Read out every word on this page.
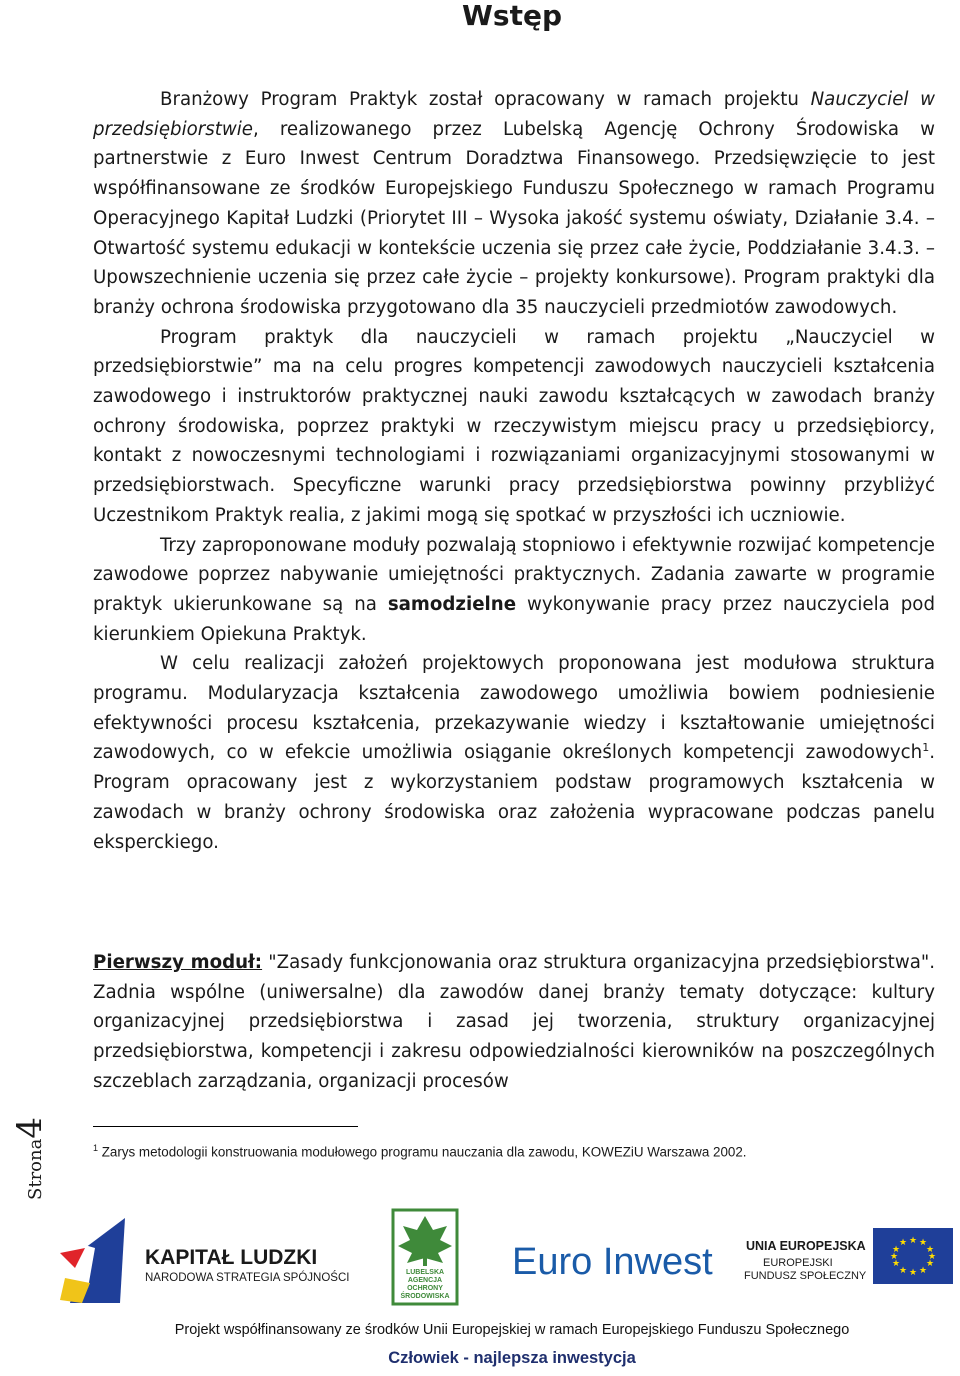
Wstęp

Branżowy Program Praktyk został opracowany w ramach projektu Nauczyciel w przedsiębiorstwie, realizowanego przez Lubelską Agencję Ochrony Środowiska w partnerstwie z Euro Inwest Centrum Doradztwa Finansowego. Przedsięwzięcie to jest współfinansowane ze środków Europejskiego Funduszu Społecznego w ramach Programu Operacyjnego Kapitał Ludzki (Priorytet III – Wysoka jakość systemu oświaty, Działanie 3.4. – Otwartość systemu edukacji w kontekście uczenia się przez całe życie, Poddziałanie 3.4.3. – Upowszechnienie uczenia się przez całe życie – projekty konkursowe). Program praktyki dla branży ochrona środowiska przygotowano dla 35 nauczycieli przedmiotów zawodowych.

Program praktyk dla nauczycieli w ramach projektu „Nauczyciel w przedsiębiorstwie” ma na celu progres kompetencji zawodowych nauczycieli kształcenia zawodowego i instruktorów praktycznej nauki zawodu kształcących w zawodach branży ochrony środowiska, poprzez praktyki w rzeczywistym miejscu pracy u przedsiębiorcy, kontakt z nowoczesnymi technologiami i rozwiązaniami organizacyjnymi stosowanymi w przedsiębiorstwach. Specyficzne warunki pracy przedsiębiorstwa powinny przybliżyć Uczestnikom Praktyk realia, z jakimi mogą się spotkać w przyszłości ich uczniowie.

Trzy zaproponowane moduły pozwalają stopniowo i efektywnie rozwijać kompetencje zawodowe poprzez nabywanie umiejętności praktycznych. Zadania zawarte w programie praktyk ukierunkowane są na samodzielne wykonywanie pracy przez nauczyciela pod kierunkiem Opiekuna Praktyk.

W celu realizacji założeń projektowych proponowana jest modułowa struktura programu. Modularyzacja kształcenia zawodowego umożliwia bowiem podniesienie efektywności procesu kształcenia, przekazywanie wiedzy i kształtowanie umiejętności zawodowych, co w efekcie umożliwia osiąganie określonych kompetencji zawodowych$^1$. Program opracowany jest z wykorzystaniem podstaw programowych kształcenia w zawodach w branży ochrony środowiska oraz założenia wypracowane podczas panelu eksperckiego.

Pierwszy moduł: "Zasady funkcjonowania oraz struktura organizacyjna przedsiębiorstwa". Zadnia wspólne (uniwersalne) dla zawodów danej branży tematy dotyczące: kultury organizacyjnej przedsiębiorstwa i zasad jej tworzenia, struktury organizacyjnej przedsiębiorstwa, kompetencji i zakresu odpowiedzialności kierowników na poszczególnych szczeblach zarządzania, organizacji procesów

$^1$ Zarys metodologii konstruowania modułowego programu nauczania dla zawodu, KOWEZiU Warszawa 2002.
Strona4
KAPITAŁ LUDZKI
NARODOWA STRATEGIA SPÓJNOŚCI	LUBELSKA
AGENCJA
OCHRONY
ŚRODOWISKA
Euro Inwest	UNIA EUROPEJSKA
EUROPEJSKI
FUNDUSZ SPOŁECZNY
★ ★
★
★
★
★
★
★
★
★
★
★
Projekt współfinansowany ze środków Unii Europejskiej w ramach Europejskiego Funduszu Społecznego
Człowiek - najlepsza inwestycja
